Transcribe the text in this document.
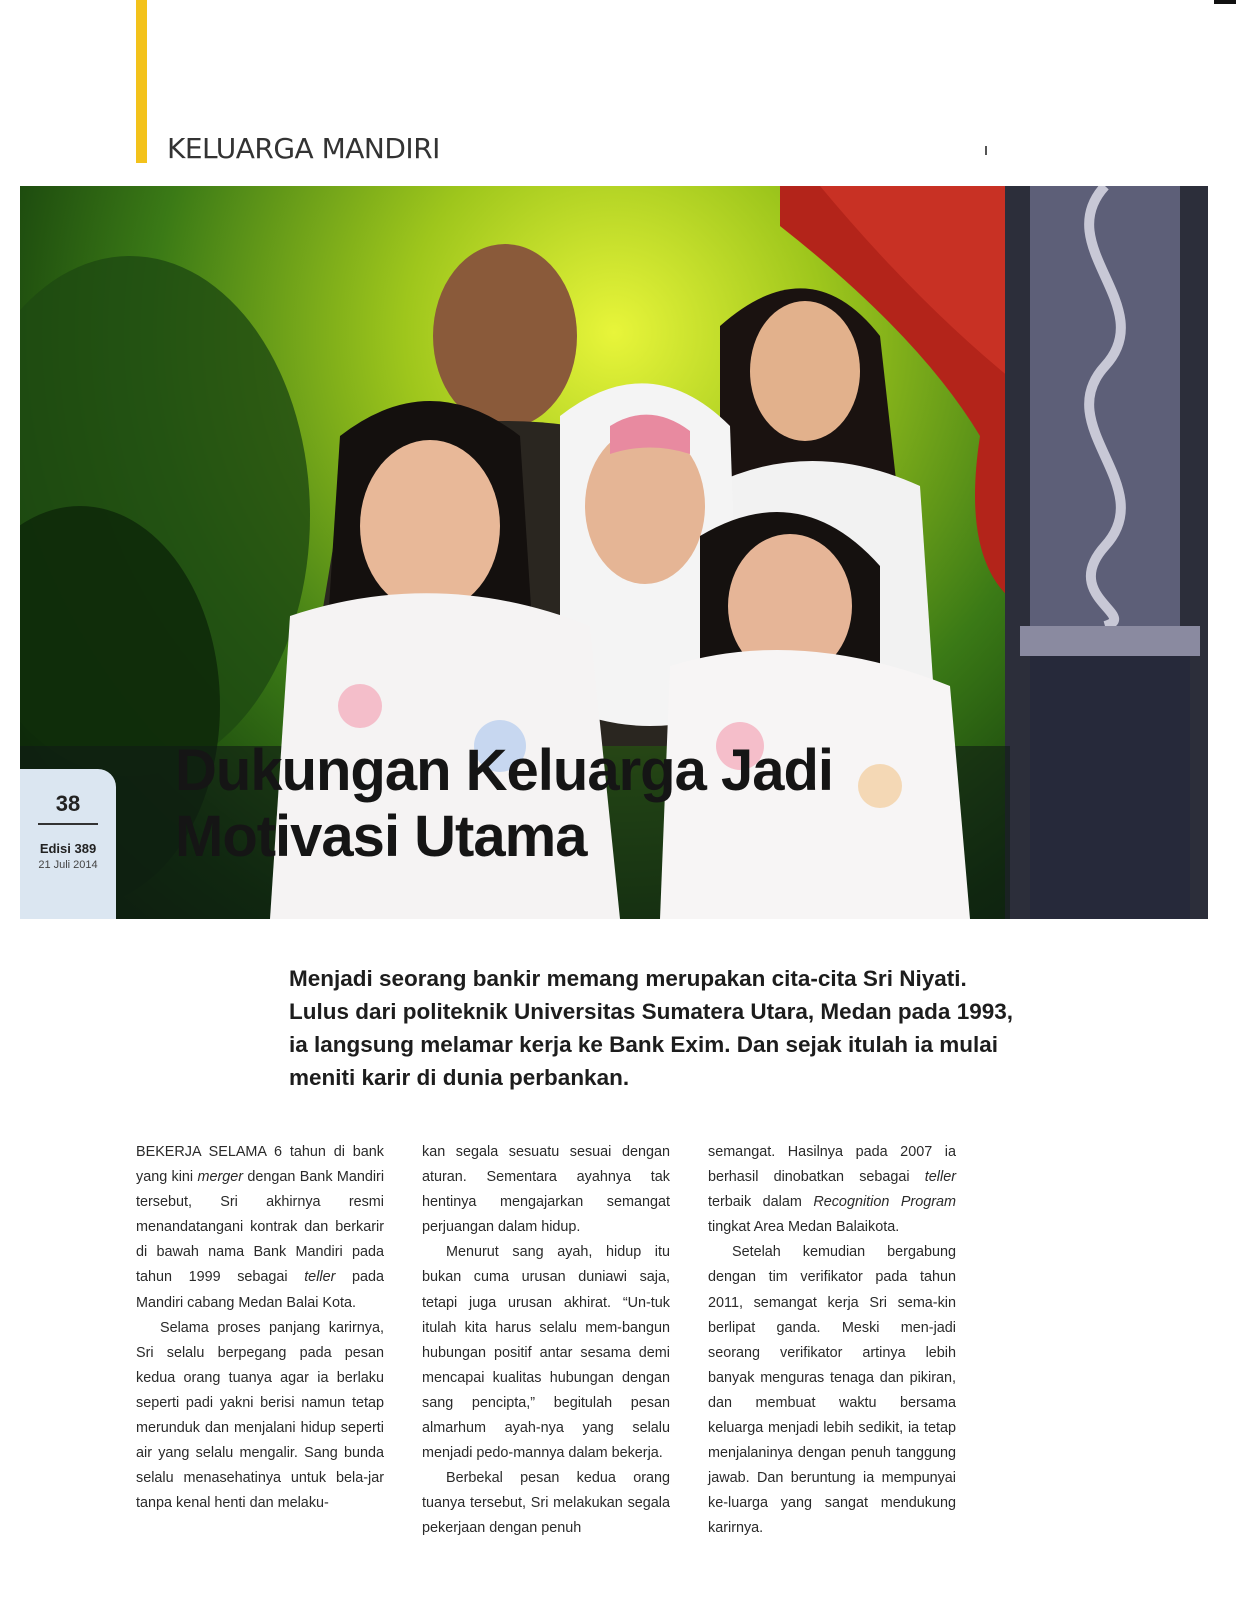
KELUARGA MANDIRI
38
Edisi 389
21 Juli 2014
Dukungan Keluarga Jadi
Motivasi Utama
Menjadi seorang bankir memang merupakan cita-cita Sri Niyati.
Lulus dari politeknik Universitas Sumatera Utara, Medan pada 1993,
ia langsung melamar kerja ke Bank Exim. Dan sejak itulah ia mulai
meniti karir di dunia perbankan.

BEKERJA SELAMA 6 tahun di bank yang kini merger dengan Bank Mandiri tersebut, Sri akhirnya resmi menandatangani kontrak dan berkarir di bawah nama Bank Mandiri pada tahun 1999 sebagai teller pada Mandiri cabang Medan Balai Kota.

Selama proses panjang karirnya, Sri selalu berpegang pada pesan kedua orang tuanya agar ia berlaku seperti padi yakni berisi namun tetap merunduk dan menjalani hidup seperti air yang selalu mengalir. Sang bunda selalu menasehatinya untuk bela-jar tanpa kenal henti dan melaku-

kan segala sesuatu sesuai dengan aturan. Sementara ayahnya tak hentinya mengajarkan semangat perjuangan dalam hidup.

Menurut sang ayah, hidup itu bukan cuma urusan duniawi saja, tetapi juga urusan akhirat. “Un-tuk itulah kita harus selalu mem-bangun hubungan positif antar sesama demi mencapai kualitas hubungan dengan sang pencipta,” begitulah pesan almarhum ayah-nya yang selalu menjadi pedo-mannya dalam bekerja.

Berbekal pesan kedua orang tuanya tersebut, Sri melakukan segala pekerjaan dengan penuh

semangat. Hasilnya pada 2007 ia berhasil dinobatkan sebagai teller terbaik dalam Recognition Program tingkat Area Medan Balaikota.

Setelah kemudian bergabung dengan tim verifikator pada tahun 2011, semangat kerja Sri sema-kin berlipat ganda. Meski men-jadi seorang verifikator artinya lebih banyak menguras tenaga dan pikiran, dan membuat waktu bersama keluarga menjadi lebih sedikit, ia tetap menjalaninya dengan penuh tanggung jawab. Dan beruntung ia mempunyai ke-luarga yang sangat mendukung karirnya.
